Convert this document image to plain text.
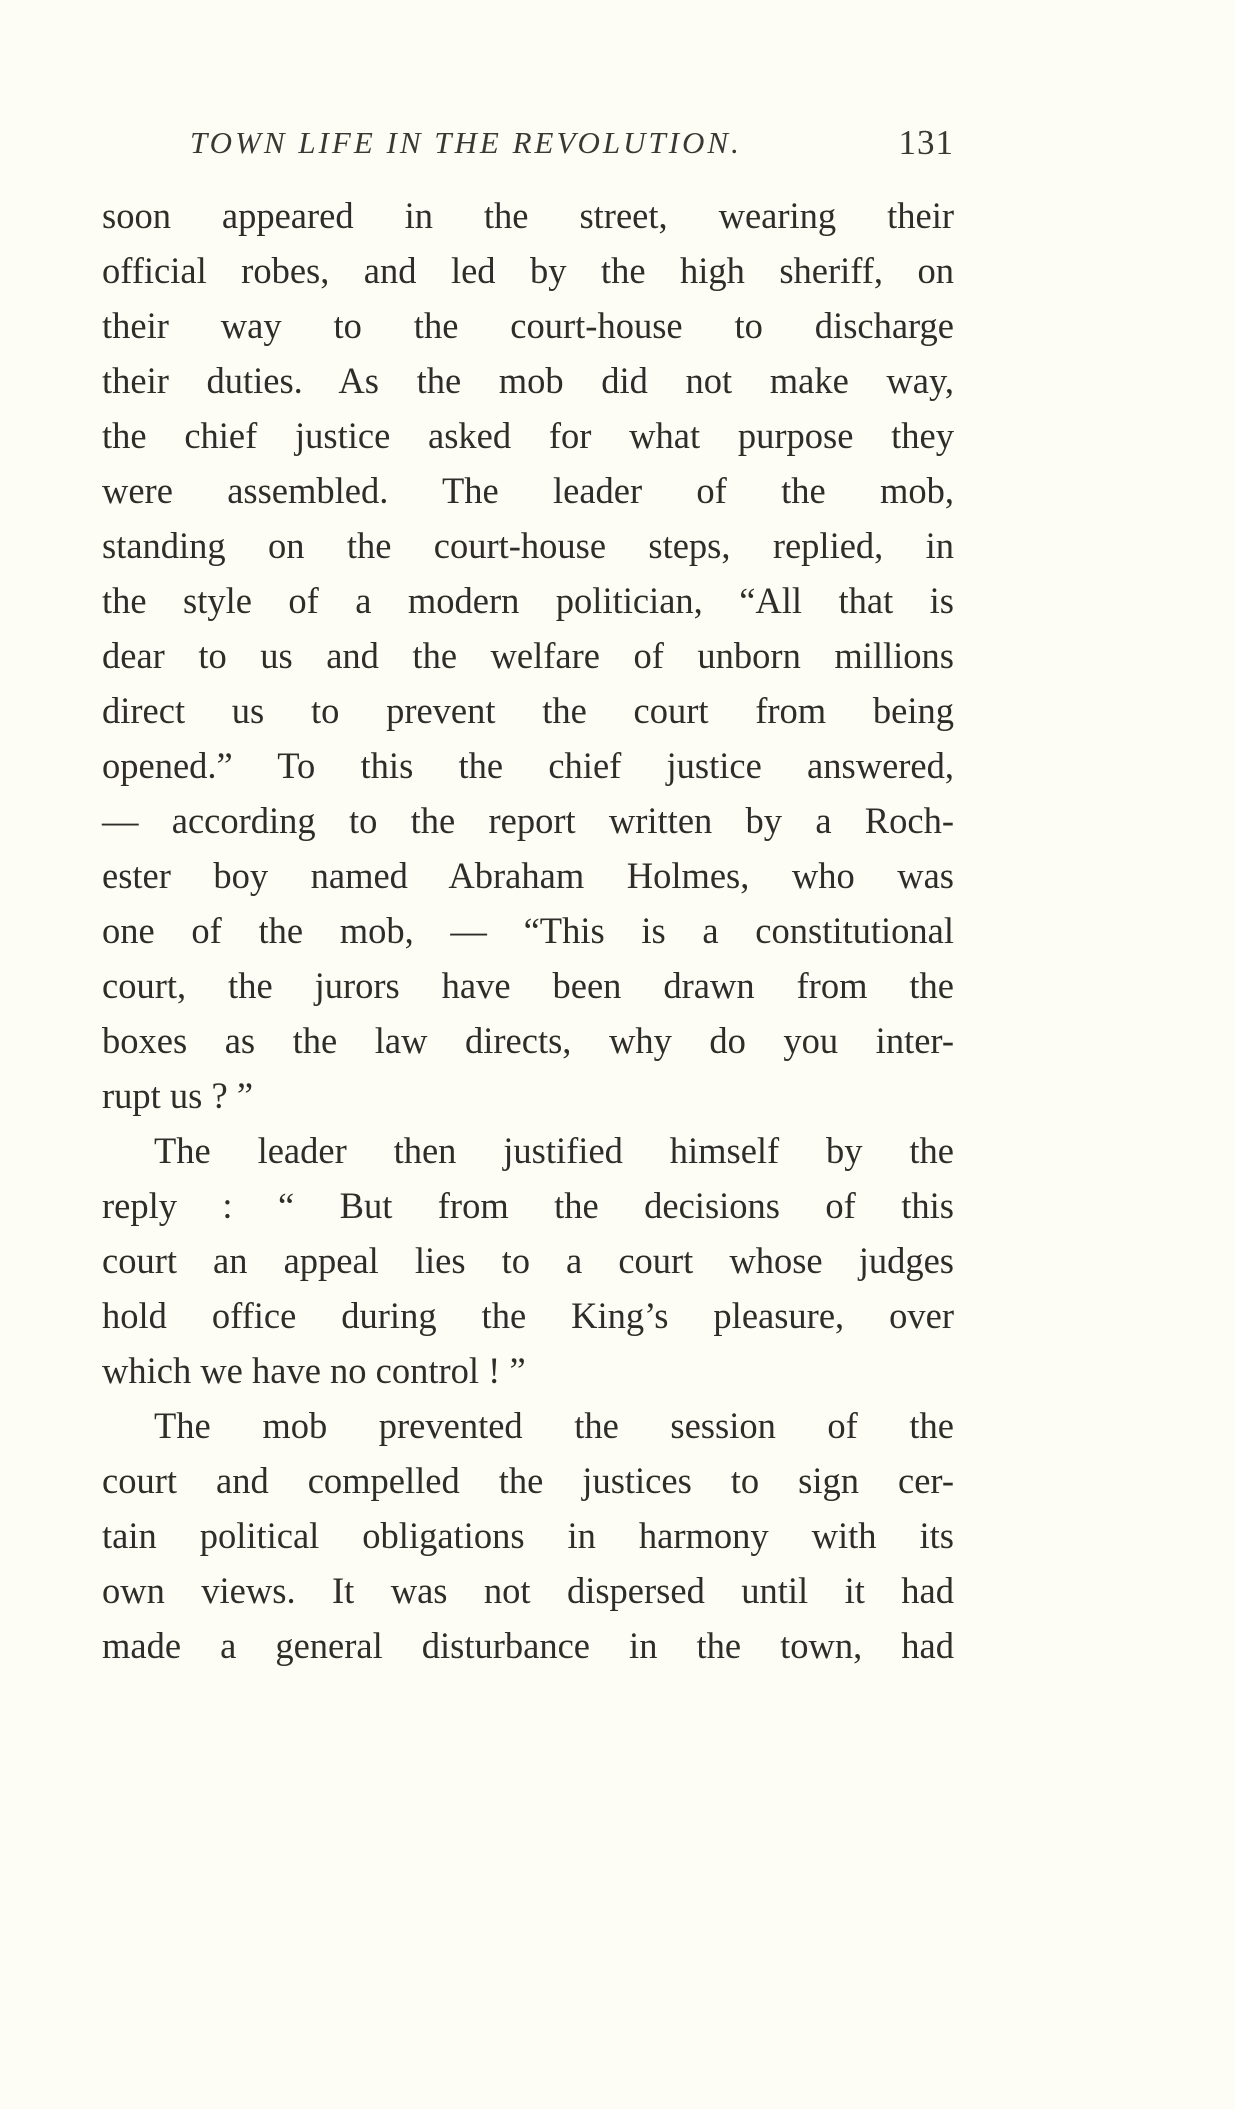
TOWN LIFE IN THE REVOLUTION.	131
soon appeared in the street, wearing their
official robes, and led by the high sheriff, on
their way to the court-house to discharge
their duties. As the mob did not make way,
the chief justice asked for what purpose they
were assembled. The leader of the mob,
standing on the court-house steps, replied, in
the style of a modern politician, “All that is
dear to us and the welfare of unborn millions
direct us to prevent the court from being
opened.” To this the chief justice answered,
— according to the report written by a Roch-
ester boy named Abraham Holmes, who was
one of the mob, — “This is a constitutional
court, the jurors have been drawn from the
boxes as the law directs, why do you inter-
rupt us ? ”
The leader then justified himself by the
reply : “ But from the decisions of this
court an appeal lies to a court whose judges
hold office during the King’s pleasure, over
which we have no control ! ”
The mob prevented the session of the
court and compelled the justices to sign cer-
tain political obligations in harmony with its
own views. It was not dispersed until it had
made a general disturbance in the town, had
